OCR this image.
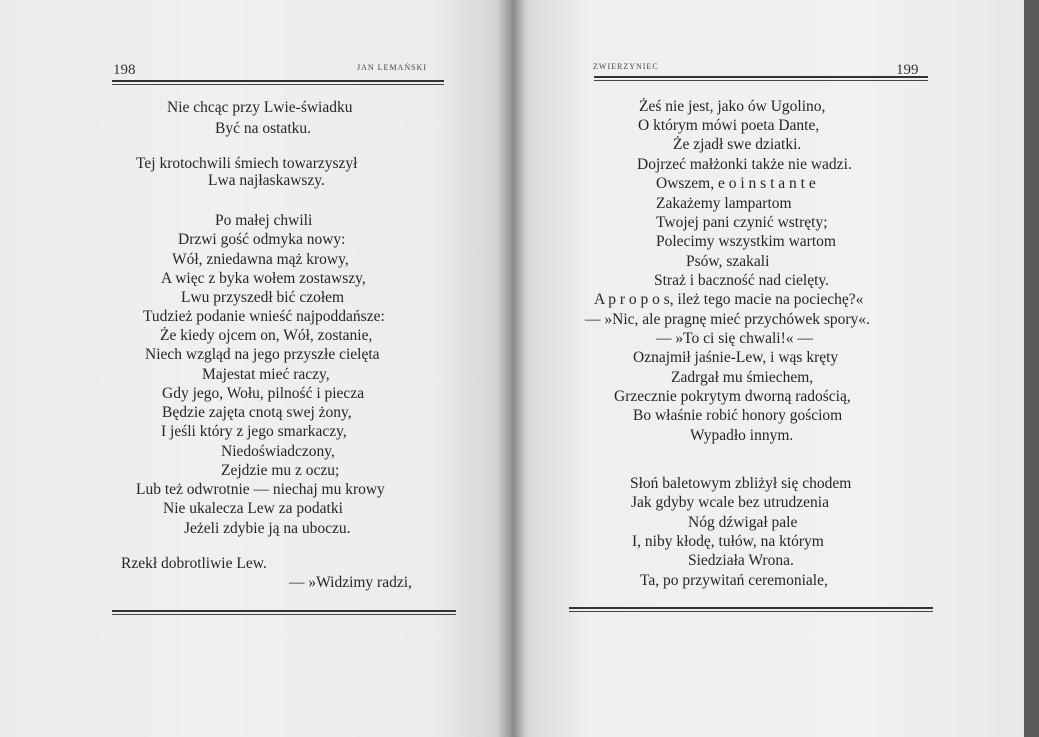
198	JAN LEMAŃSKI
Nie chcąc przy Lwie-świadku
Być na ostatku.
Tej krotochwili śmiech towarzyszył
Lwa najłaskawszy.
Po małej chwili
Drzwi gość odmyka nowy:
Wół, zniedawna mąż krowy,
A więc z byka wołem zostawszy,
Lwu przyszedł bić czołem
Tudzież podanie wnieść najpoddańsze:
Że kiedy ojcem on, Wół, zostanie,
Niech wzgląd na jego przyszłe cielęta
Majestat mieć raczy,
Gdy jego, Wołu, pilność i piecza
Będzie zajęta cnotą swej żony,
I jeśli który z jego smarkaczy,
Niedoświadczony,
Zejdzie mu z oczu;
Lub też odwrotnie — niechaj mu krowy
Nie ukalecza Lew za podatki
Jeżeli zdybie ją na uboczu.
Rzekł dobrotliwie Lew.
— »Widzimy radzi,
ZWIERZYNIEC	199
Żeś nie jest, jako ów Ugolino,
O którym mówi poeta Dante,
Że zjadł swe dziatki.
Dojrzeć małżonki także nie wadzi.
Owszem, e o i n s t a n t e
Zakażemy lampartom
Twojej pani czynić wstręty;
Polecimy wszystkim wartom
Psów, szakali
Straż i baczność nad cielęty.
A p r o p o s, ileż tego macie na pociechę?«
— »Nic, ale pragnę mieć przychówek spory«.
— »To ci się chwali!« —
Oznajmił jaśnie-Lew, i wąs kręty
Zadrgał mu śmiechem,
Grzecznie pokrytym dworną radością,
Bo właśnie robić honory gościom
Wypadło innym.
Słoń baletowym zbliżył się chodem
Jak gdyby wcale bez utrudzenia
Nóg dźwigał pale
I, niby kłodę, tułów, na którym
Siedziała Wrona.
Ta, po przywitań ceremoniale,
